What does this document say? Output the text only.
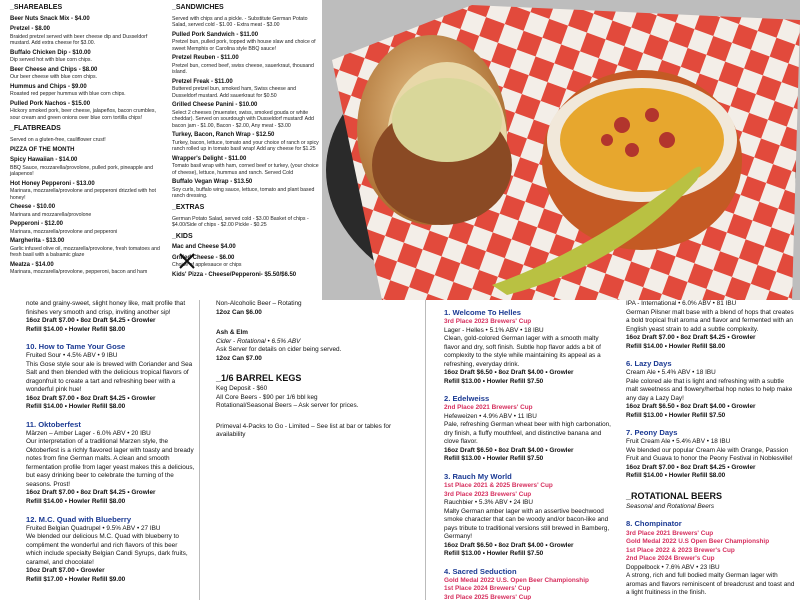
_SHAREABLES
Beer Nuts Snack Mix - $4.00
Pretzel - $8.00
Braided pretzel served with beer cheese dip and Dusseldorf mustard. Add extra cheese for $3.00.
Buffalo Chicken Dip - $10.00
Dip served hot with blue corn chips.
Beer Cheese and Chips - $8.00
Our beer cheese with blue corn chips.
Hummus and Chips - $9.00
Roasted red pepper hummus with blue corn chips.
Pulled Pork Nachos - $15.00
Hickory smoked pork, beer cheese, jalapeños, bacon crumbles, sour cream and green onions over blue corn tortilla chips!
_FLATBREADS
Served on a gluten-free, cauliflower crust!
PIZZA OF THE MONTH
Spicy Hawaiian - $14.00
BBQ Sauce, mozzarella/provolone, pulled pork, pineapple and jalapenos!
Hot Honey Pepperoni - $13.00
Marinara, mozzarella/provolone and pepperoni drizzled with hot honey!
Cheese - $10.00
Marinara and mozzarella/provolone
Pepperoni - $12.00
Marinara, mozzarella/provolone and pepperoni
Margherita - $13.00
Garlic infused olive oil, mozzarella/provolone, fresh tomatoes and fresh basil with a balsamic glaze
Meatza - $14.00
Marinara, mozzarella/provolone, pepperoni, bacon and ham
_SANDWICHES
Served with chips and a pickle. - Substitute German Potato Salad, served cold - $1.00 - Extra meat - $3.00
Pulled Pork Sandwich - $11.00
Pretzel bun, pulled pork, topped with house slaw and choice of sweet Memphis or Carolina style BBQ sauce!
Pretzel Reuben - $11.00
Pretzel bun, corned beef, swiss cheese, sauerkraut, thousand island.
Pretzel Freak - $11.00
Buttered pretzel bun, smoked ham, Swiss cheese and Dusseldorf mustard. Add sauerkraut for $0.50
Grilled Cheese Panini - $10.00
Select 2 cheeses (muenster, swiss, smoked gouda or white cheddar). Served on sourdough with Dusseldorf mustard! Add bacon jam - $1.00, Bacon - $2.00, Any meat - $3.00
Turkey, Bacon, Ranch Wrap - $12.50
Turkey, bacon, lettuce, tomato and your choice of ranch or spicy ranch rolled up in tomato basil wrap! Add any cheese for $1.25
Wrapper's Delight - $11.00
Tomato basil wrap with ham, corned beef or turkey, (your choice of cheese), lettuce, hummus and ranch. Served Cold
Buffalo Vegan Wrap - $13.50
Soy curls, buffalo wing sauce, lettuce, tomato and plant based ranch dressing.
_EXTRAS
German Potato Salad, served cold - $3.00 Basket of chips - $4.00/Side of chips - $2.00 Pickle - $0.25
_KIDS
Mac and Cheese $4.00
Grilled Cheese - $6.00
Choice of applesauce or chips
Kids' Pizza - Cheese/Pepperoni- $5.50/$6.50
note and grainy-sweet, slight honey like, malt profile that
finishes very smooth and crisp, inviting another sip!
16oz Draft $7.00 • 8oz Draft $4.25 • Growler
Refill $14.00 • Howler Refill $8.00
10. How to Tame Your Gose
Fruited Sour • 4.5% ABV • 9 IBU
This Gose style sour ale is brewed with Coriander and Sea Salt and then blended with the delicious tropical flavors of dragonfruit to create a tart and refreshing beer with a wonderful pink hue!
16oz Draft $7.00 • 8oz Draft $4.25 • Growler
Refill $14.00 • Howler Refill $8.00
11. Oktoberfest
Märzen – Amber Lager - 6.0% ABV • 20 IBU
Our interpretation of a traditional Marzen style, the Oktoberfest is a richly flavored lager with toasty and bready notes from fine German malts. A clean and smooth fermentation profile from lager yeast makes this a delicious, but easy drinking beer to celebrate the turning of the seasons. Prost!
16oz Draft $7.00 • 8oz Draft $4.25 • Growler
Refill $14.00 • Howler Refill $8.00
12. M.C. Quad with Blueberry
Fruited Belgian Quadrupel • 9.5% ABV • 27 IBU
We blended our delicious M.C. Quad with blueberry to compliment the wonderful and rich flavors of this beer which include specialty Belgian Candi Syrups, dark fruits, caramel, and chocolate!
10oz Draft $7.00 • Growler
Refill $17.00 • Howler Refill $9.00
Non-Alcoholic Beer – Rotating
12oz Can $6.00
Ash & Elm
Cider - Rotational • 6.5% ABV
Ask Server for details on cider being served.
12oz Can $7.00
_1/6 BARREL KEGS
Keg Deposit - $60
All Core Beers - $90 per 1/6 bbl keg
Rotational/Seasonal Beers – Ask server for prices.
Primeval 4-Packs to Go - Limited – See list at bar or tables for availability
1. Welcome To Helles
3rd Place 2023 Brewers' Cup
Lager - Helles • 5.1% ABV • 18 IBU
Clean, gold-colored German lager with a smooth malty flavor and dry, soft finish. Subtle hop flavor adds a bit of complexity to the style while maintaining its appeal as a refreshing, everyday drink.
16oz Draft $6.50 • 8oz Draft $4.00 • Growler
Refill $13.00 • Howler Refill $7.50
2. Edelweiss
2nd Place 2021 Brewers' Cup
Hefeweizen • 4.9% ABV • 11 IBU
Pale, refreshing German wheat beer with high carbonation, dry finish, a fluffy mouthfeel, and distinctive banana and clove flavor.
16oz Draft $6.50 • 8oz Draft $4.00 • Growler
Refill $13.00 • Howler Refill $7.50
3. Rauch My World
1st Place 2021 & 2025 Brewers' Cup
3rd Place 2023 Brewers' Cup
Rauchbier • 5.3% ABV • 24 IBU
Malty German amber lager with an assertive beechwood smoke character that can be woody and/or bacon-like and pays tribute to traditional versions still brewed in Bamberg, Germany!
16oz Draft $6.50 • 8oz Draft $4.00 • Growler
Refill $13.00 • Howler Refill $7.50
4. Sacred Seduction
Gold Medal 2022 U.S. Open Beer Championship
1st Place 2024 Brewers' Cup
3rd Place 2025 Brewers' Cup
IPA - International • 6.0% ABV • 81 IBU
German Pilsner malt base with a blend of hops that creates a bold tropical fruit aroma and flavor and fermented with an English yeast strain to add a subtle complexity.
16oz Draft $7.00 • 8oz Draft $4.25 • Growler
Refill $14.00 • Howler Refill $8.00
6. Lazy Days
Cream Ale • 5.4% ABV • 18 IBU
Pale colored ale that is light and refreshing with a subtle malt sweetness and flowery/herbal hop notes to help make any day a Lazy Day!
16oz Draft $6.50 • 8oz Draft $4.00 • Growler
Refill $13.00 • Howler Refill $7.50
7. Peony Days
Fruit Cream Ale • 5.4% ABV • 18 IBU
We blended our popular Cream Ale with Orange, Passion Fruit and Guava to honor the Peony Festival in Noblesville!
16oz Draft $7.00 • 8oz Draft $4.25 • Growler
Refill $14.00 • Howler Refill $8.00
_ROTATIONAL BEERS
Seasonal and Rotational Beers
8. Chompinator
3rd Place 2021 Brewers' Cup
Gold Medal 2022 U.S Open Beer Championship
1st Place 2022 & 2023 Brewer's Cup
2nd Place 2024 Brewer's Cup
Doppelbock • 7.6% ABV • 23 IBU
A strong, rich and full bodied malty German lager with aromas and flavors reminiscent of breadcrust and toast and a light fruitiness in the finish.
